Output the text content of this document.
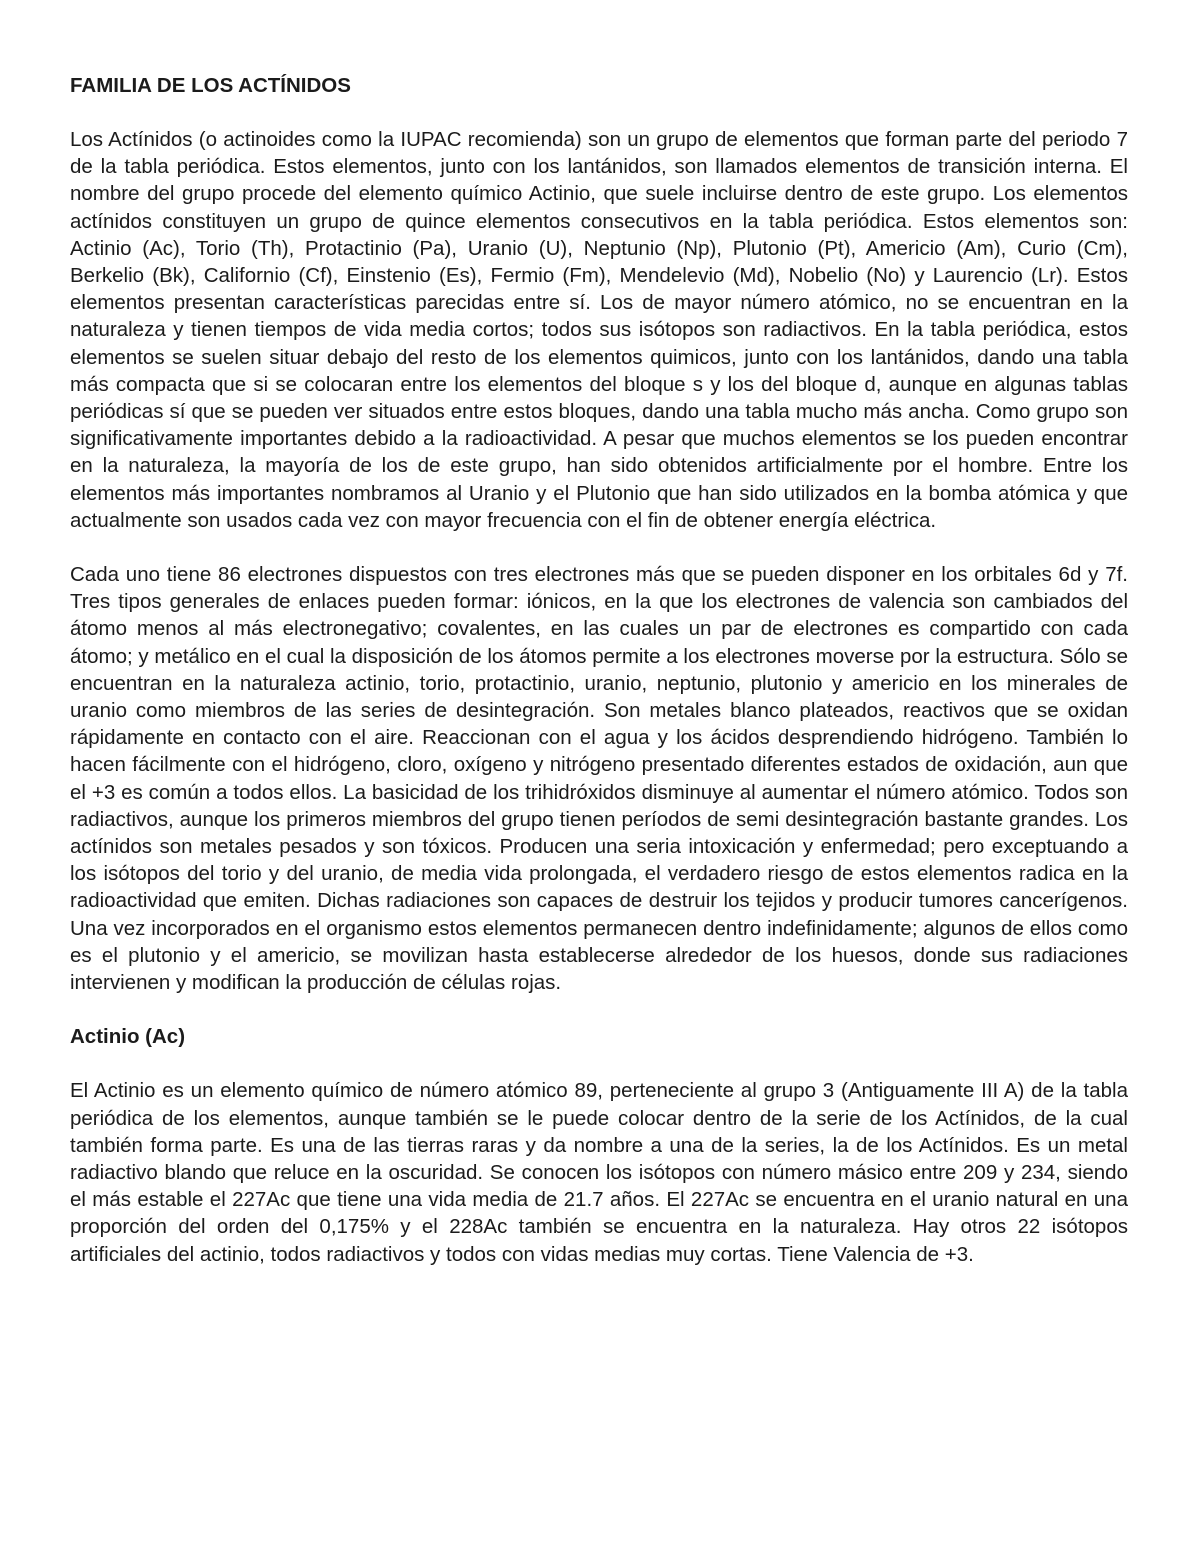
FAMILIA DE LOS ACTÍNIDOS

Los Actínidos (o actinoides como la IUPAC recomienda) son un grupo de elementos que forman parte del periodo 7 de la tabla periódica. Estos elementos, junto con los lantánidos, son llamados elementos de transición interna. El nombre del grupo procede del elemento químico Actinio, que suele incluirse dentro de este grupo. Los elementos actínidos constituyen un grupo de quince elementos consecutivos en la tabla periódica. Estos elementos son: Actinio (Ac), Torio (Th), Protactinio (Pa), Uranio (U), Neptunio (Np), Plutonio (Pt), Americio (Am), Curio (Cm), Berkelio (Bk), Californio (Cf), Einstenio (Es), Fermio (Fm), Mendelevio (Md), Nobelio (No) y Laurencio (Lr). Estos elementos presentan características parecidas entre sí. Los de mayor número atómico, no se encuentran en la naturaleza y tienen tiempos de vida media cortos; todos sus isótopos son radiactivos. En la tabla periódica, estos elementos se suelen situar debajo del resto de los elementos quimicos, junto con los lantánidos, dando una tabla más compacta que si se colocaran entre los elementos del bloque s y los del bloque d, aunque en algunas tablas periódicas sí que se pueden ver situados entre estos bloques, dando una tabla mucho más ancha. Como grupo son significativamente importantes debido a la radioactividad. A pesar que muchos elementos se los pueden encontrar en la naturaleza, la mayoría de los de este grupo, han sido obtenidos artificialmente por el hombre. Entre los elementos más importantes nombramos al Uranio y el Plutonio que han sido utilizados en la bomba atómica y que actualmente son usados cada vez con mayor frecuencia con el fin de obtener energía eléctrica.

Cada uno tiene 86 electrones dispuestos con tres electrones más que se pueden disponer en los orbitales 6d y 7f. Tres tipos generales de enlaces pueden formar: iónicos, en la que los electrones de valencia son cambiados del átomo menos al más electronegativo; covalentes, en las cuales un par de electrones es compartido con cada átomo; y metálico en el cual la disposición de los átomos permite a los electrones moverse por la estructura. Sólo se encuentran en la naturaleza actinio, torio, protactinio, uranio, neptunio, plutonio y americio en los minerales de uranio como miembros de las series de desintegración. Son metales blanco plateados, reactivos que se oxidan rápidamente en contacto con el aire. Reaccionan con el agua y los ácidos desprendiendo hidrógeno. También lo hacen fácilmente con el hidrógeno, cloro, oxígeno y nitrógeno presentado diferentes estados de oxidación, aun que el +3 es común a todos ellos. La basicidad de los trihidróxidos disminuye al aumentar el número atómico. Todos son radiactivos, aunque los primeros miembros del grupo tienen períodos de semi desintegración bastante grandes. Los actínidos son metales pesados y son tóxicos. Producen una seria intoxicación y enfermedad; pero exceptuando a los isótopos del torio y del uranio, de media vida prolongada, el verdadero riesgo de estos elementos radica en la radioactividad que emiten. Dichas radiaciones son capaces de destruir los tejidos y producir tumores cancerígenos. Una vez incorporados en el organismo estos elementos permanecen dentro indefinidamente; algunos de ellos como es el plutonio y el americio, se movilizan hasta establecerse alrededor de los huesos, donde sus radiaciones intervienen y modifican la producción de células rojas.

Actinio (Ac)

El Actinio es un elemento químico de número atómico 89, perteneciente al grupo 3 (Antiguamente III A) de la tabla periódica de los elementos, aunque también se le puede colocar dentro de la serie de los Actínidos, de la cual también forma parte. Es una de las tierras raras y da nombre a una de la series, la de los Actínidos. Es un metal radiactivo blando que reluce en la oscuridad. Se conocen los isótopos con número másico entre 209 y 234, siendo el más estable el 227Ac que tiene una vida media de 21.7 años. El 227Ac se encuentra en el uranio natural en una proporción del orden del 0,175% y el 228Ac también se encuentra en la naturaleza. Hay otros 22 isótopos artificiales del actinio, todos radiactivos y todos con vidas medias muy cortas. Tiene Valencia de +3.
